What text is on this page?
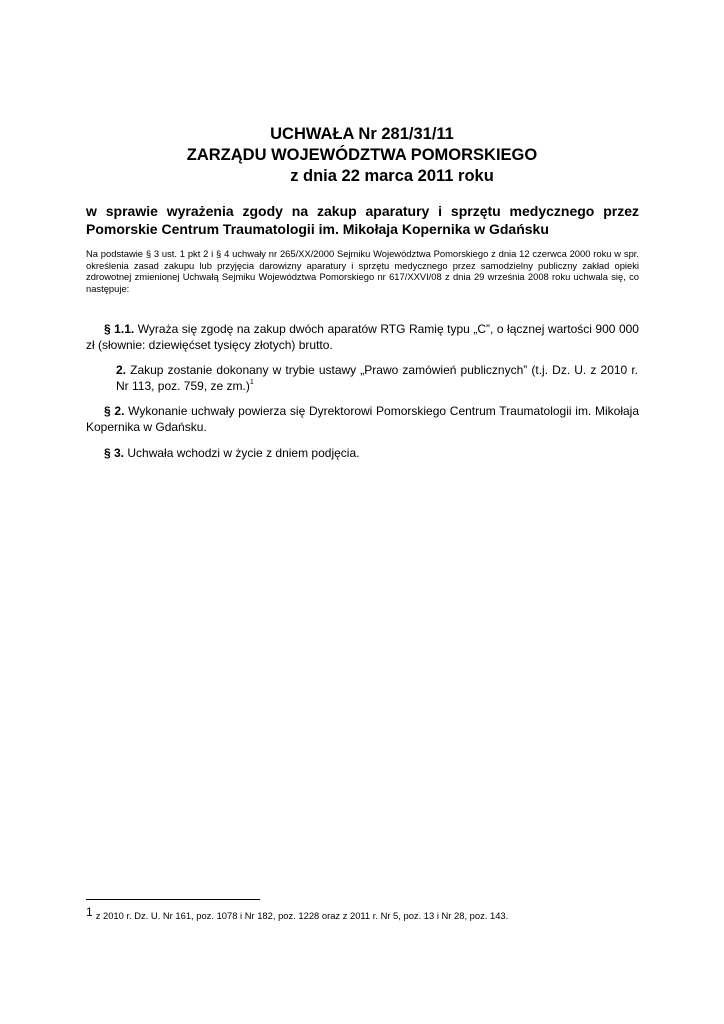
UCHWAŁA Nr 281/31/11
ZARZĄDU WOJEWÓDZTWA POMORSKIEGO
z dnia 22 marca 2011 roku
w sprawie wyrażenia zgody na zakup aparatury i sprzętu medycznego przez Pomorskie Centrum Traumatologii im. Mikołaja Kopernika w Gdańsku
Na podstawie § 3 ust. 1 pkt 2 i § 4 uchwały nr 265/XX/2000 Sejmiku Województwa Pomorskiego z dnia 12 czerwca 2000 roku w spr. określenia zasad zakupu lub przyjęcia darowizny aparatury i sprzętu medycznego przez samodzielny publiczny zakład opieki zdrowotnej zmienionej Uchwałą Sejmiku Województwa Pomorskiego nr 617/XXVI/08 z dnia 29 września 2008 roku uchwala się, co następuje:
§ 1.1. Wyraża się zgodę na zakup dwóch aparatów RTG Ramię typu „C”, o łącznej wartości 900 000 zł (słownie: dziewięćset tysięcy złotych) brutto.
2. Zakup zostanie dokonany w trybie ustawy „Prawo zamówień publicznych” (t.j. Dz. U. z 2010 r. Nr 113, poz. 759, ze zm.)$^1$
§ 2. Wykonanie uchwały powierza się Dyrektorowi Pomorskiego Centrum Traumatologii im. Mikołaja Kopernika w Gdańsku.
§ 3. Uchwała wchodzi w życie z dniem podjęcia.
1 z 2010 r. Dz. U. Nr 161, poz. 1078 i Nr 182, poz. 1228 oraz z 2011 r. Nr 5, poz. 13 i Nr 28, poz. 143.
